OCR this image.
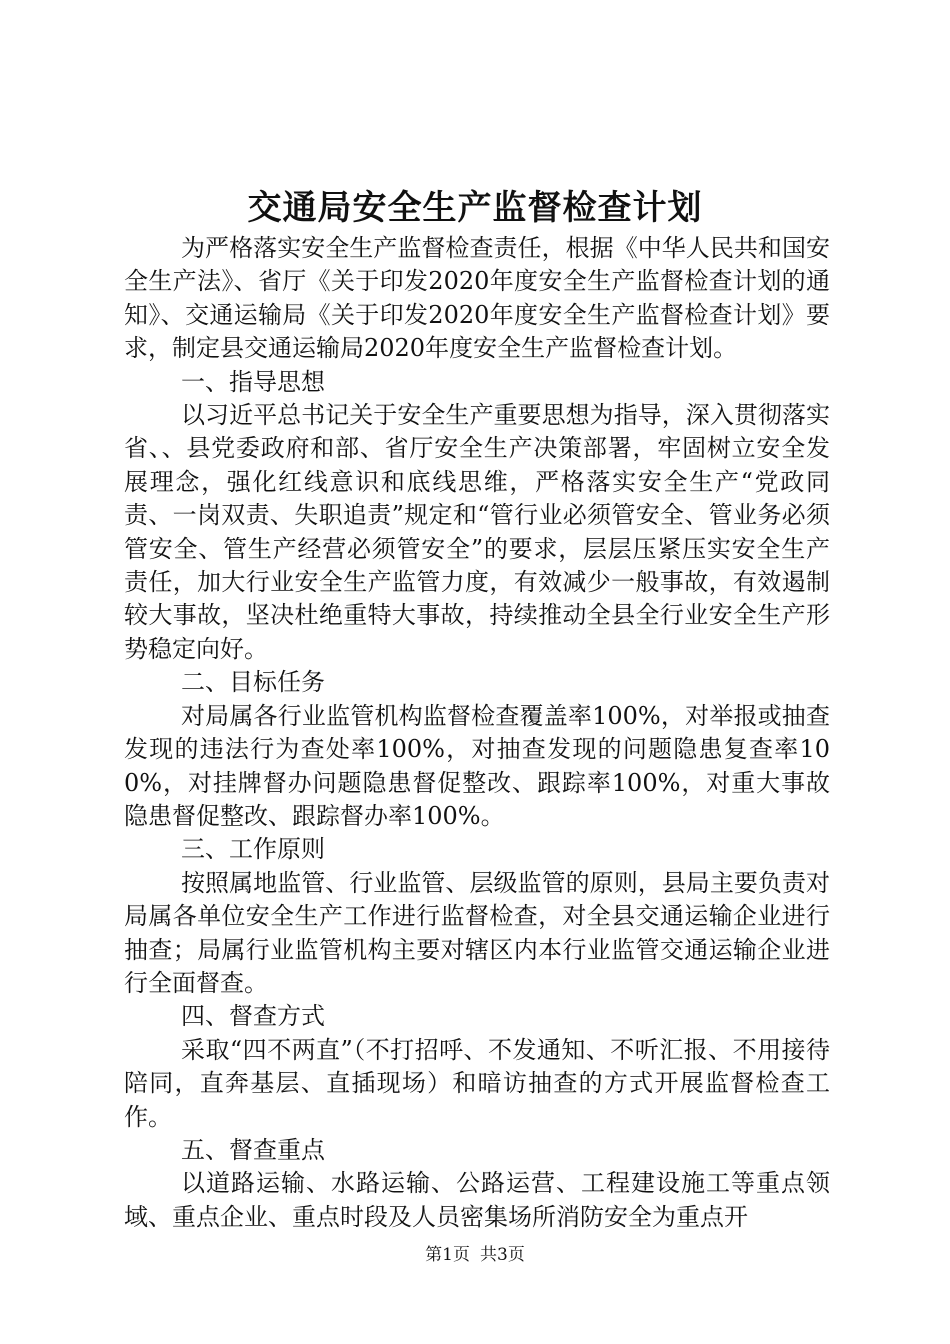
交通局安全生产监督检查计划

为严格落实安全生产监督检查责任，根据《中华人民共和国安全生产法》、省厅《关于印发2020年度安全生产监督检查计划的通知》、交通运输局《关于印发2020年度安全生产监督检查计划》要求，制定县交通运输局2020年度安全生产监督检查计划。

一、指导思想

以习近平总书记关于安全生产重要思想为指导，深入贯彻落实省、、县党委政府和部、省厅安全生产决策部署，牢固树立安全发展理念，强化红线意识和底线思维，严格落实安全生产“党政同责、一岗双责、失职追责”规定和“管行业必须管安全、管业务必须管安全、管生产经营必须管安全”的要求，层层压紧压实安全生产责任，加大行业安全生产监管力度，有效减少一般事故，有效遏制较大事故，坚决杜绝重特大事故，持续推动全县全行业安全生产形势稳定向好。

二、目标任务

对局属各行业监管机构监督检查覆盖率100%，对举报或抽查发现的违法行为查处率100%，对抽查发现的问题隐患复查率100%，对挂牌督办问题隐患督促整改、跟踪率100%，对重大事故隐患督促整改、跟踪督办率100%。

三、工作原则

按照属地监管、行业监管、层级监管的原则，县局主要负责对局属各单位安全生产工作进行监督检查，对全县交通运输企业进行抽查；局属行业监管机构主要对辖区内本行业监管交通运输企业进行全面督查。

四、督查方式

采取“四不两直”（不打招呼、不发通知、不听汇报、不用接待陪同，直奔基层、直插现场）和暗访抽查的方式开展监督检查工作。

五、督查重点

以道路运输、水路运输、公路运营、工程建设施工等重点领域、重点企业、重点时段及人员密集场所消防安全为重点开

第1页 共3页
